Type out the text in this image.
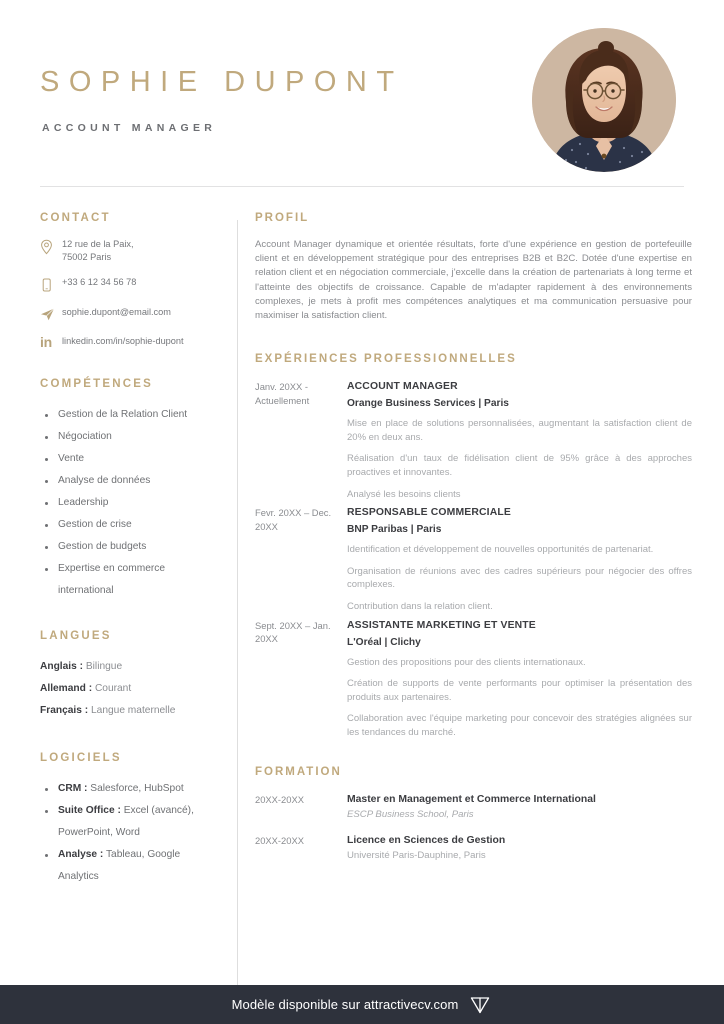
SOPHIE DUPONT
ACCOUNT MANAGER
CONTACT
12 rue de la Paix,
75002 Paris
+33 6 12 34 56 78
sophie.dupont@email.com
in linkedin.com/in/sophie-dupont
COMPÉTENCES
Gestion de la Relation Client
Négociation
Vente
Analyse de données
Leadership
Gestion de crise
Gestion de budgets
Expertise en commerce international
LANGUES
Anglais : Bilingue
Allemand : Courant
Français : Langue maternelle
LOGICIELS
CRM : Salesforce, HubSpot
Suite Office : Excel (avancé), PowerPoint, Word
Analyse : Tableau, Google Analytics
PROFIL

Account Manager dynamique et orientée résultats, forte d'une expérience en gestion de portefeuille client et en développement stratégique pour des entreprises B2B et B2C. Dotée d'une expertise en relation client et en négociation commerciale, j'excelle dans la création de partenariats à long terme et l'atteinte des objectifs de croissance. Capable de m'adapter rapidement à des environnements complexes, je mets à profit mes compétences analytiques et ma communication persuasive pour maximiser la satisfaction client.

EXPÉRIENCES PROFESSIONNELLES
Janv. 20XX - Actuellement
ACCOUNT MANAGER
Orange Business Services | Paris
Mise en place de solutions personnalisées, augmentant la satisfaction client de 20% en deux ans.
Réalisation d'un taux de fidélisation client de 95% grâce à des approches proactives et innovantes.
Analysé les besoins clients
Fevr. 20XX – Dec. 20XX
RESPONSABLE COMMERCIALE
BNP Paribas | Paris
Identification et développement de nouvelles opportunités de partenariat.
Organisation de réunions avec des cadres supérieurs pour négocier des offres complexes.
Contribution dans la relation client.
Sept. 20XX – Jan. 20XX
ASSISTANTE MARKETING ET VENTE
L'Oréal | Clichy
Gestion des propositions pour des clients internationaux.
Création de supports de vente performants pour optimiser la présentation des produits aux partenaires.
Collaboration avec l'équipe marketing pour concevoir des stratégies alignées sur les tendances du marché.
FORMATION
20XX-20XX	Master en Management et Commerce International
ESCP Business School, Paris
20XX-20XX	Licence en Sciences de Gestion
Université Paris-Dauphine, Paris
Modèle disponible sur attractivecv.com
